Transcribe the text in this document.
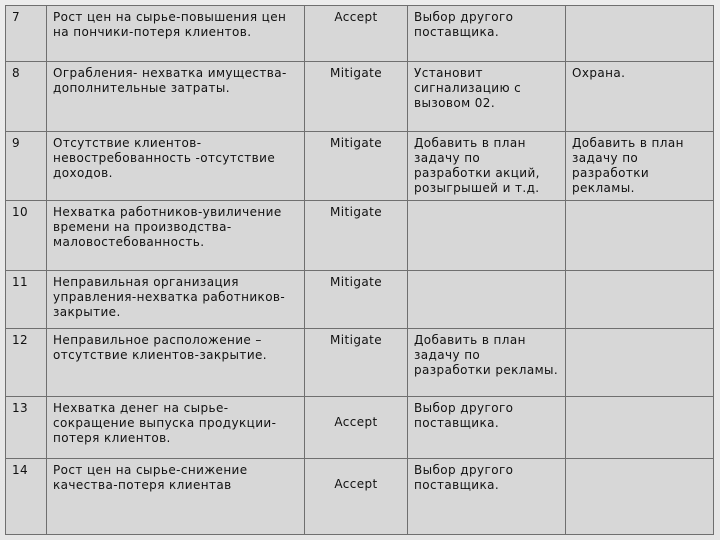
7	Рост цен на сырье-повышения цен на пончики-потеря клиентов.	Accept	Выбор другого поставщика.	
8	Ограбления- нехватка имущества-дополнительные затраты.	Mitigate	Установит сигнализацию с вызовом 02.	Охрана.
9	Отсутствие клиентов-невостребованность -отсутствие доходов.	Mitigate	Добавить в план задачу по разработки акций, розыгрышей и т.д.	Добавить в план задачу по разработки рекламы.
10	Нехватка работников-увиличение времени на производства-маловостебованность.	Mitigate		
11	Неправильная организация управления-нехватка работников-закрытие.	Mitigate		
12	Неправильное расположение – отсутствие клиентов-закрытие.	Mitigate	Добавить в план задачу по разработки рекламы.	
13	Нехватка денег на сырье-сокращение выпуска продукции-потеря клиентов.	Accept	Выбор другого поставщика.	
14	Рост цен на сырье-снижение качества-потеря клиентав	Accept	Выбор другого поставщика.	
